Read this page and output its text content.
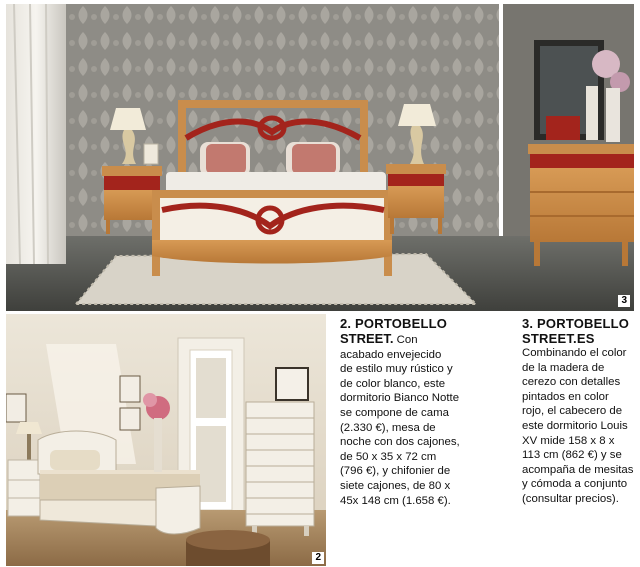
3
2
2. PORTOBELLO
STREET. Con
acabado envejecido
de estilo muy rústico y
de color blanco, este
dormitorio Bianco Notte
se compone de cama
(2.330 €), mesa de
noche con dos cajones,
de 50 x 35 x 72 cm
(796 €), y chifonier de
siete cajones, de 80 x
45x 148 cm (1.658 €).
3. PORTOBELLO
STREET.ES
Combinando el color
de la madera de
cerezo con detalles
pintados en color
rojo, el cabecero de
este dormitorio Louis
XV mide 158 x 8 x
113 cm (862 €) y se
acompaña de mesitas
y cómoda a conjunto
(consultar precios).
